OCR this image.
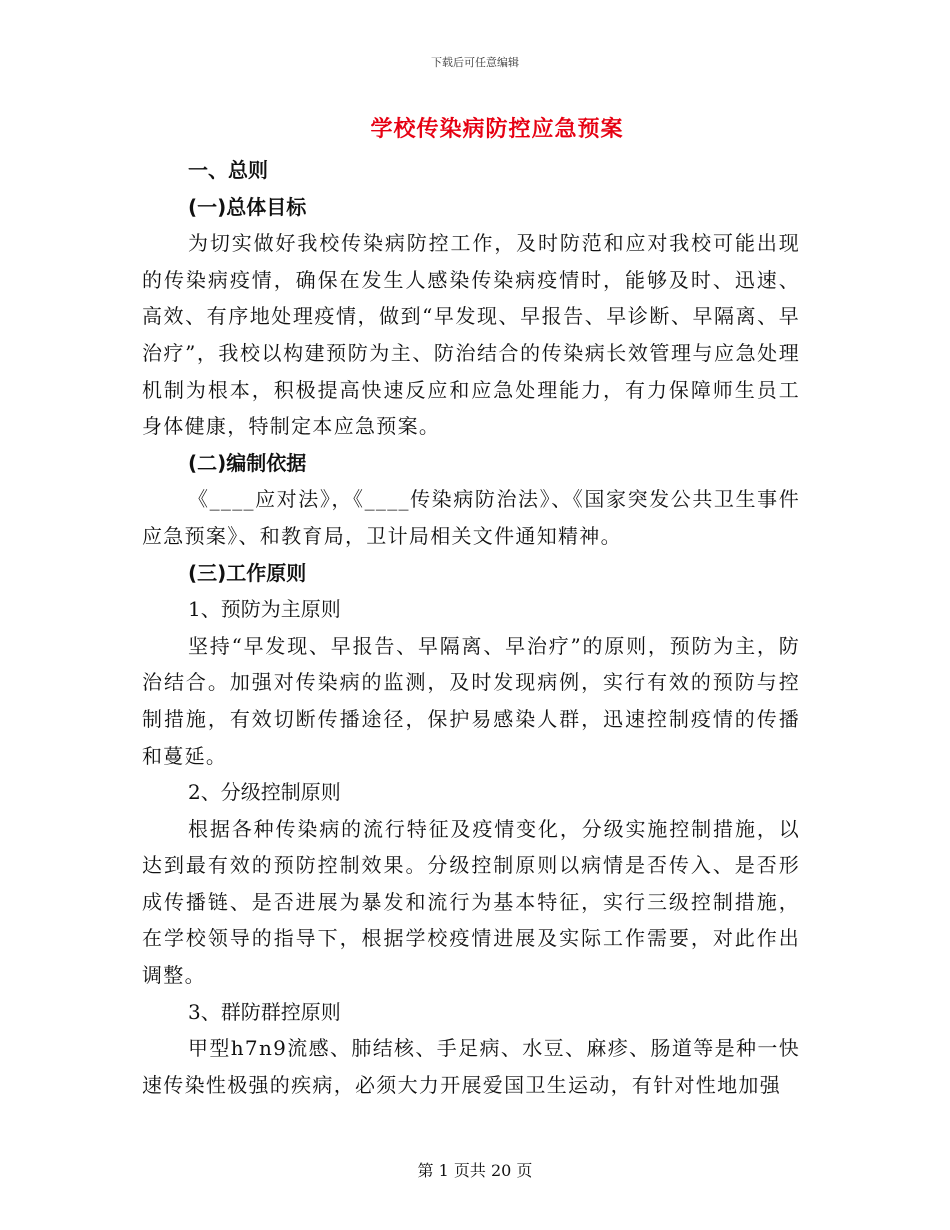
下载后可任意编辑
学校传染病防控应急预案

一、总则

(一)总体目标

为切实做好我校传染病防控工作，及时防范和应对我校可能出现的传染病疫情，确保在发生人感染传染病疫情时，能够及时、迅速、高效、有序地处理疫情，做到“早发现、早报告、早诊断、早隔离、早治疗”，我校以构建预防为主、防治结合的传染病长效管理与应急处理机制为根本，积极提高快速反应和应急处理能力，有力保障师生员工身体健康，特制定本应急预案。

(二)编制依据

《____应对法》，《____传染病防治法》、《国家突发公共卫生事件应急预案》、和教育局，卫计局相关文件通知精神。

(三)工作原则

1、预防为主原则

坚持“早发现、早报告、早隔离、早治疗”的原则，预防为主，防治结合。加强对传染病的监测，及时发现病例，实行有效的预防与控制措施，有效切断传播途径，保护易感染人群，迅速控制疫情的传播和蔓延。

2、分级控制原则

根据各种传染病的流行特征及疫情变化，分级实施控制措施，以达到最有效的预防控制效果。分级控制原则以病情是否传入、是否形成传播链、是否进展为暴发和流行为基本特征，实行三级控制措施，在学校领导的指导下，根据学校疫情进展及实际工作需要，对此作出调整。

3、群防群控原则

甲型h7n9流感、肺结核、手足病、水豆、麻疹、肠道等是种一快速传染性极强的疾病，必须大力开展爱国卫生运动，有针对性地加强

第 1 页共 20 页
